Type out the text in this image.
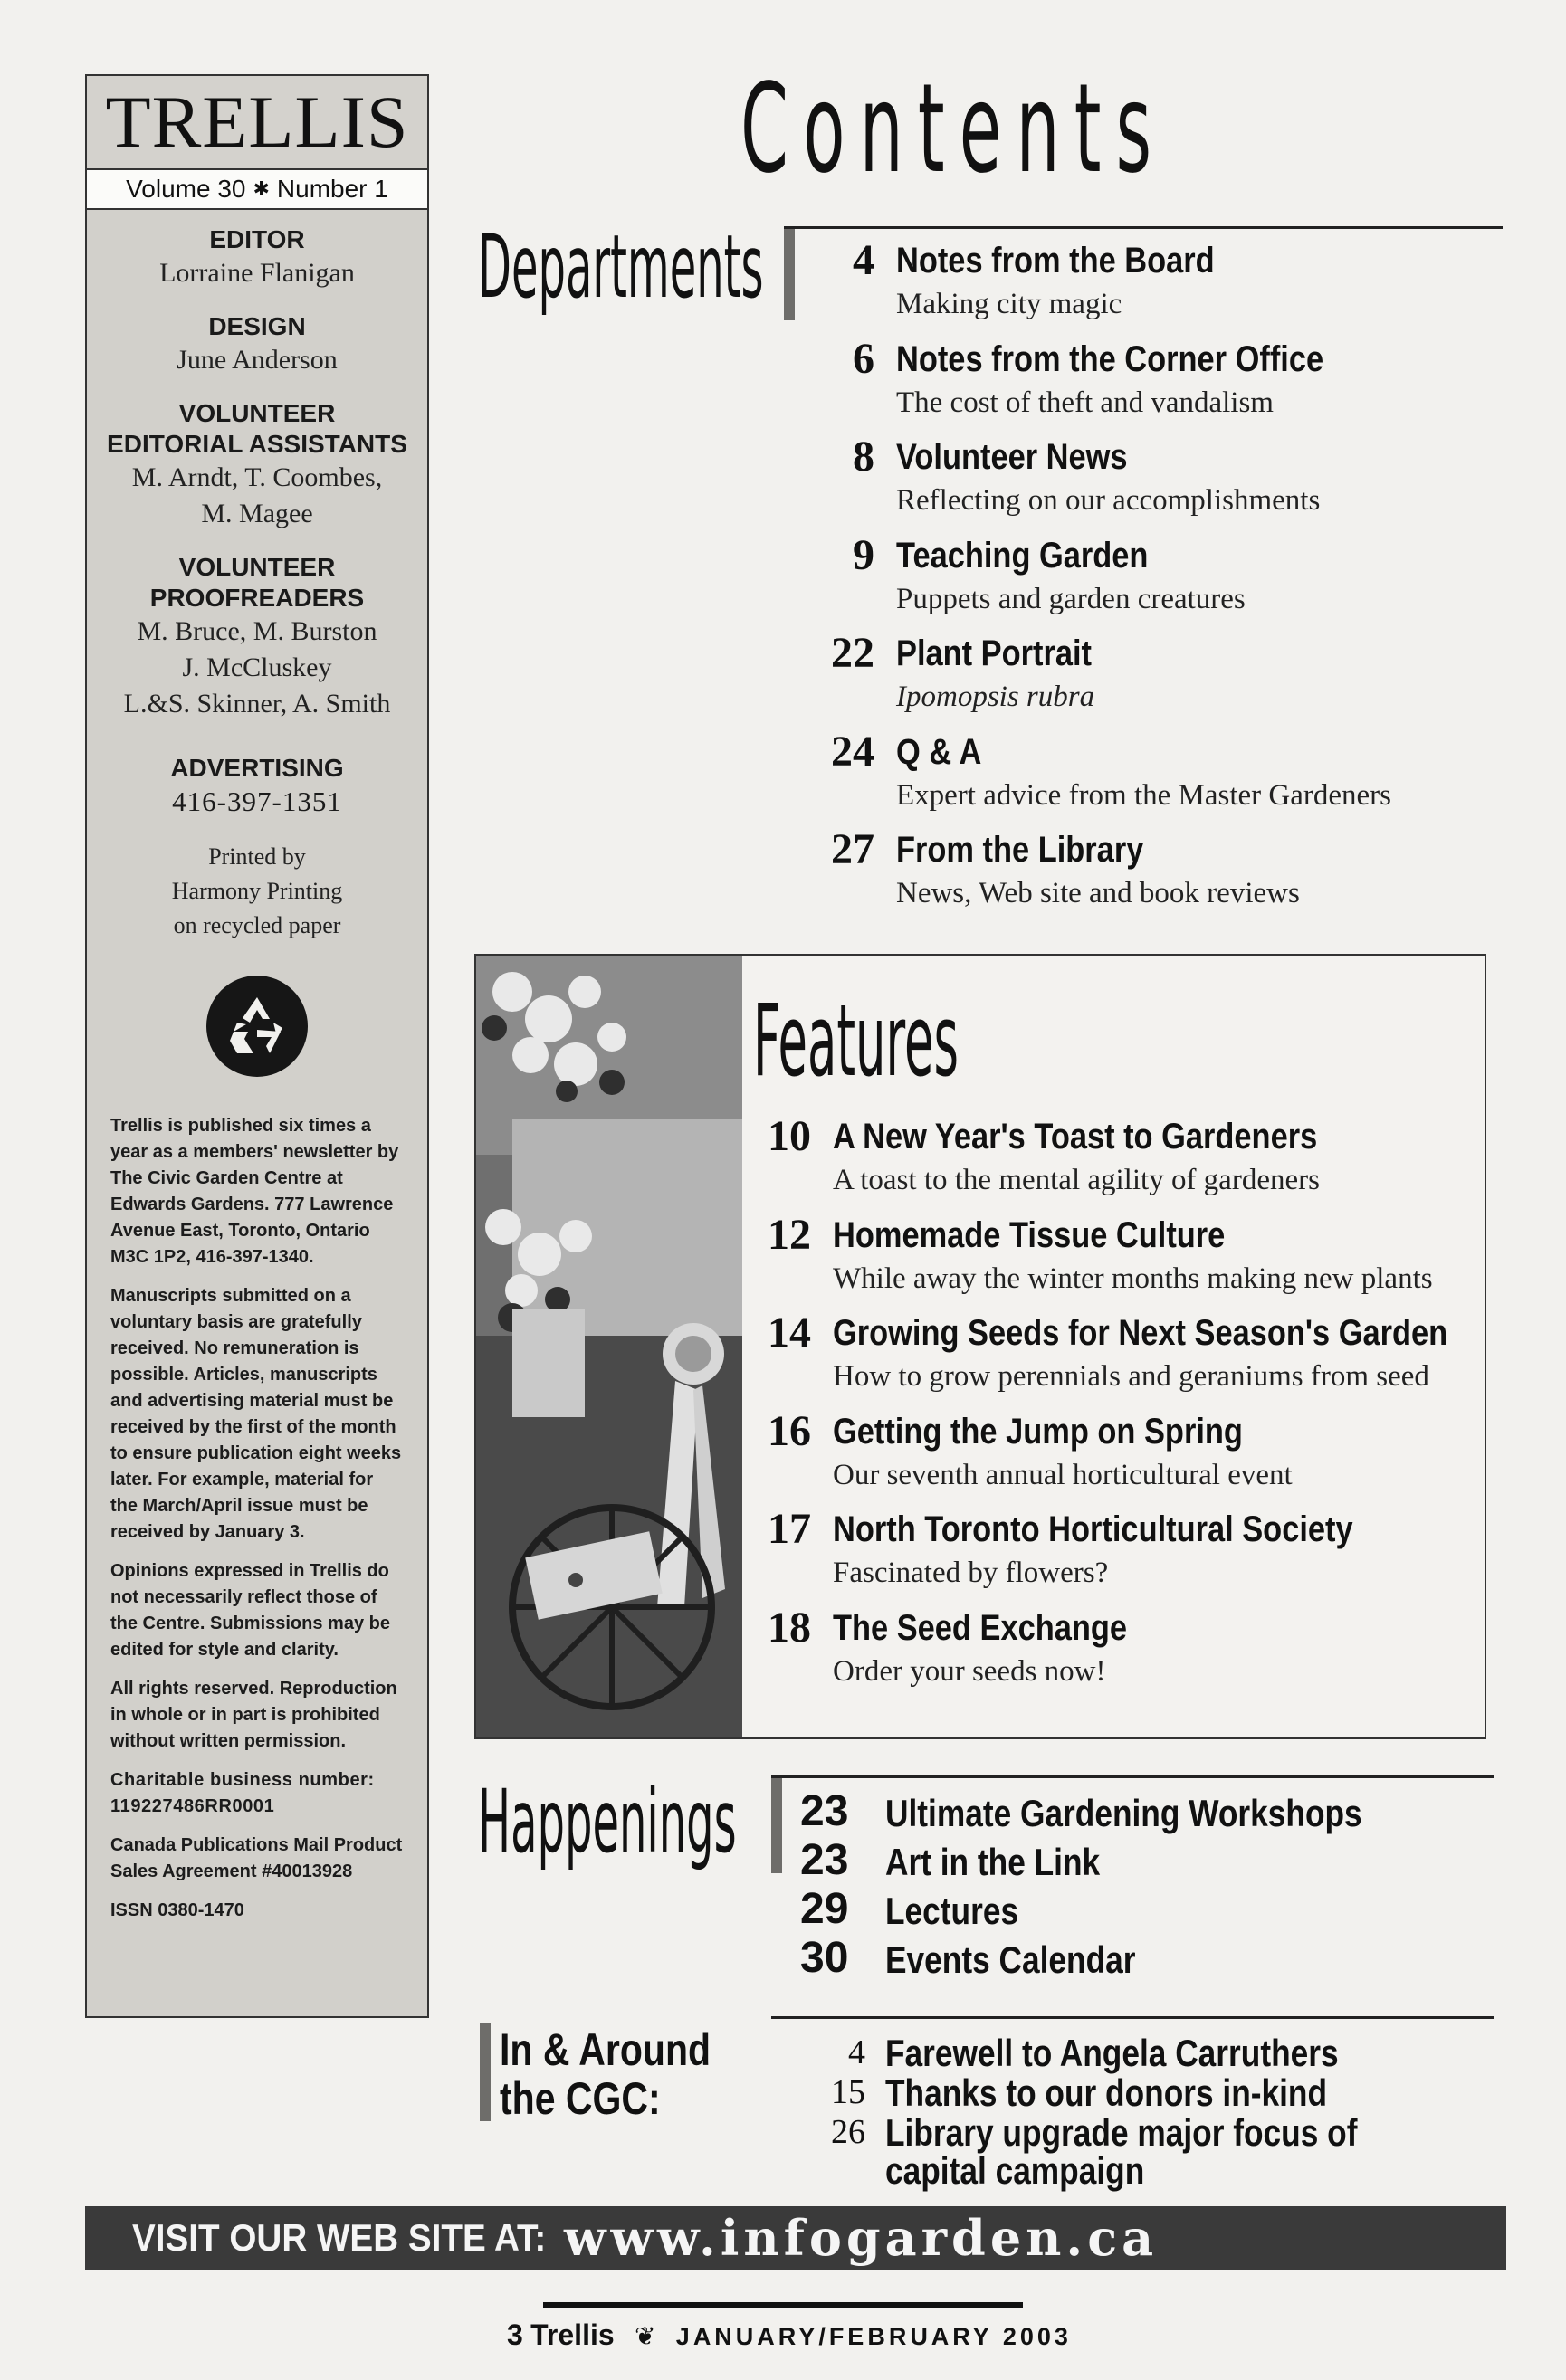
TRELLIS
Volume 30 ✱ Number 1
EDITOR
Lorraine Flanigan
DESIGN
June Anderson
VOLUNTEER
EDITORIAL ASSISTANTS
M. Arndt, T. Coombes,
M. Magee
VOLUNTEER
PROOFREADERS
M. Bruce, M. Burston
J. McCluskey
L.&S. Skinner, A. Smith
ADVERTISING
416-397-1351
Printed by
Harmony Printing
on recycled paper

Trellis is published six times a year as a members' newsletter by The Civic Garden Centre at Edwards Gardens. 777 Lawrence Avenue East, Toronto, Ontario M3C 1P2, 416-397-1340.

Manuscripts submitted on a voluntary basis are gratefully received. No remuneration is possible. Articles, manuscripts and advertising material must be received by the first of the month to ensure publication eight weeks later. For example, material for the March/April issue must be received by January 3.

Opinions expressed in Trellis do not necessarily reflect those of the Centre. Submissions may be edited for style and clarity.

All rights reserved. Reproduction in whole or in part is prohibited without written permission.

Charitable business number: 119227486RR0001

Canada Publications Mail Product Sales Agreement #40013928

ISSN 0380-1470

Contents
Departments	4 Notes from the Board
Making city magic
6 Notes from the Corner Office
The cost of theft and vandalism
8 Volunteer News
Reflecting on our accomplishments
9 Teaching Garden
Puppets and garden creatures
22 Plant Portrait
Ipomopsis rubra
24 Q & A
Expert advice from the Master Gardeners
27 From the Library
News, Web site and book reviews
Features
10 A New Year's Toast to Gardeners
A toast to the mental agility of gardeners
12 Homemade Tissue Culture
While away the winter months making new plants
14 Growing Seeds for Next Season's Garden
How to grow perennials and geraniums from seed
16 Getting the Jump on Spring
Our seventh annual horticultural event
17 North Toronto Horticultural Society
Fascinated by flowers?
18 The Seed Exchange
Order your seeds now!
Happenings 23 Ultimate Gardening Workshops
23 Art in the Link
29 Lectures
30 Events Calendar
In & Around
the CGC:
4 Farewell to Angela Carruthers
15 Thanks to our donors in-kind
26 Library upgrade major focus of
capital campaign
VISIT OUR WEB SITE AT: www.infogarden.ca
3 Trellis ❦ JANUARY/FEBRUARY 2003
